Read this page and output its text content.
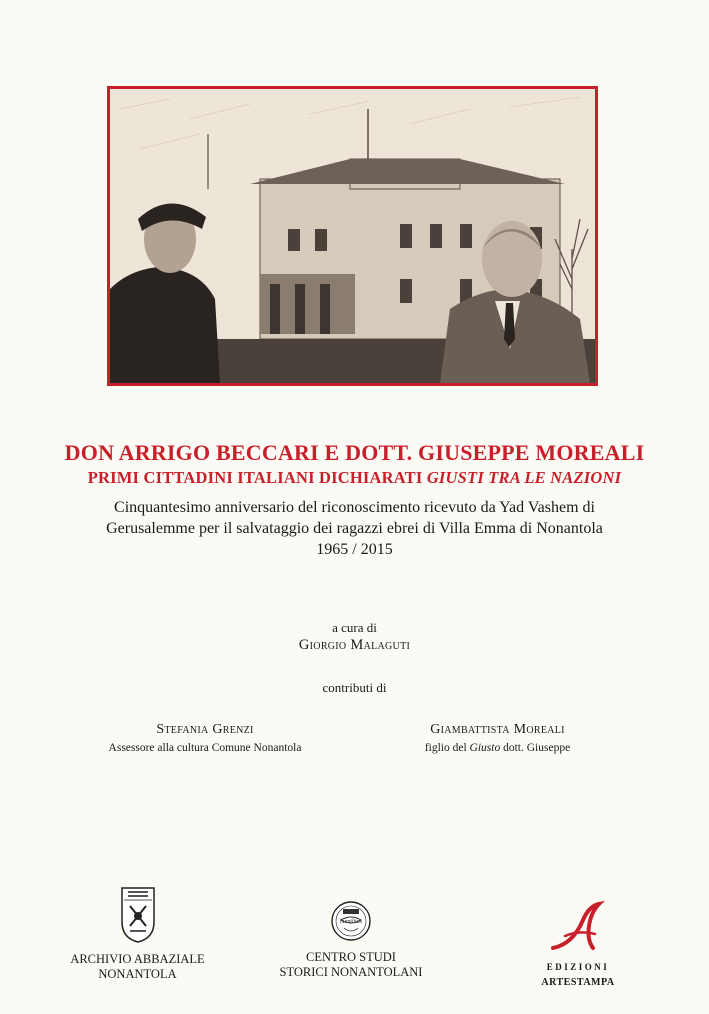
DON ARRIGO BECCARI E DOTT. GIUSEPPE MOREALI
PRIMI CITTADINI ITALIANI DICHIARATI GIUSTI TRA LE NAZIONI
Cinquantesimo anniversario del riconoscimento ricevuto da Yad Vashem di
Gerusalemme per il salvataggio dei ragazzi ebrei di Villa Emma di Nonantola
1965 / 2015
a cura di
Giorgio Malaguti
contributi di
Stefania Grenzi
Assessore alla cultura Comune Nonantola
Giambattista Moreali
figlio del Giusto dott. Giuseppe
ARCHIVIO ABBAZIALE
NONANTOLA
humilitas
CENTRO STUDI
STORICI NONANTOLANI	EDIZIONI
ARTESTAMPA
